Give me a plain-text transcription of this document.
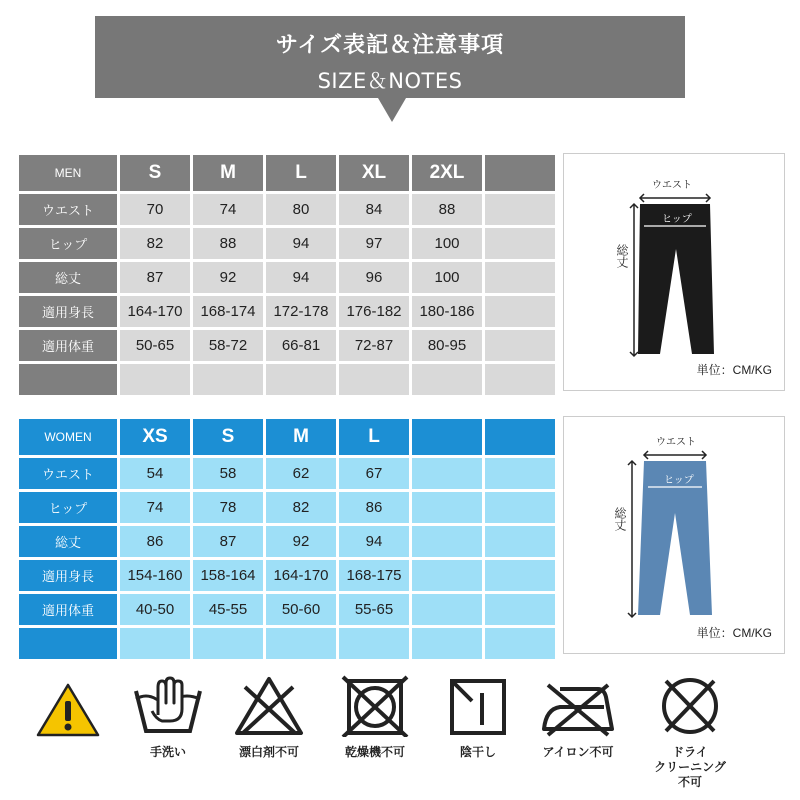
サイズ表記＆注意事項
SIZE＆NOTES
MEN	S	M	L	XL	2XL	
ウエスト	70	74	80	84	88	
ヒップ	82	88	94	97	100	
総丈	87	92	94	96	100	
適用身長	164-170	168-174	172-178	176-182	180-186	
適用体重	50-65	58-72	66-81	72-87	80-95	

ウエスト
ヒップ
総丈
単位：CM/KG
WOMEN	XS	S	M	L		
ウエスト	54	58	62	67		
ヒップ	74	78	82	86		
総丈	86	87	92	94		
適用身長	154-160	158-164	164-170	168-175		
適用体重	40-50	45-55	50-60	55-65		

ウエスト
ヒップ
総丈
単位：CM/KG
手洗い	漂白剤不可	乾燥機不可	陰干し	アイロン不可	ドライ
クリーニング
不可
